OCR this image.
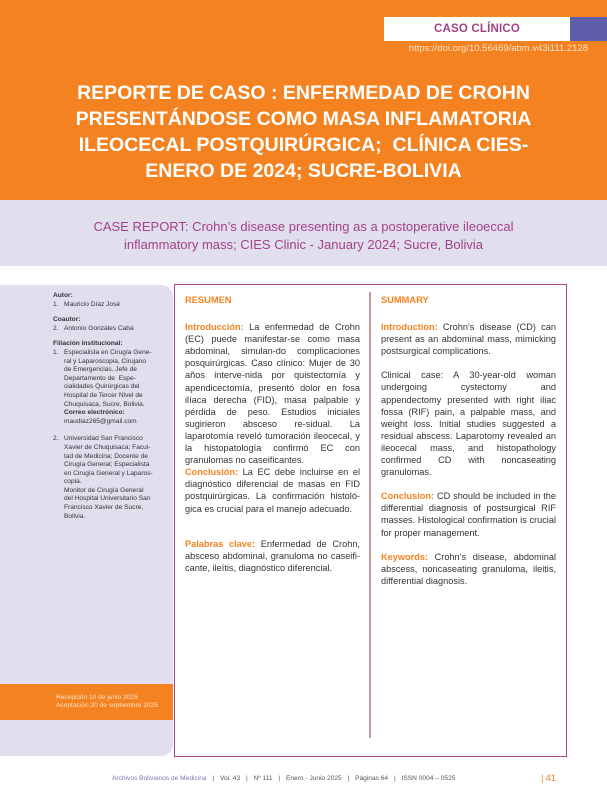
CASO CLÍNICO
https://doi.org/10.56469/abm.v43i111.2128
REPORTE DE CASO : ENFERMEDAD DE CROHN
PRESENTÁNDOSE COMO MASA INFLAMATORIA
ILEOCECAL POSTQUIRÚRGICA;  CLÍNICA CIES-
ENERO DE 2024; SUCRE-BOLIVIA
CASE REPORT: Crohn’s disease presenting as a postoperative ileoeccal
inflammatory mass; CIES Clinic - January 2024; Sucre, Bolivia
Autor:
1. Mauricio Díaz José
Coautor:
2. Antonio Gonzáles Caba
Filiación institucional:
1. Especialista en Cirugía Gene-
ral y Laparoscopia, Cirujano
de Emergencias. Jefe de
Departamento de  Espe-
cialidades Quirúrgicas del
Hospital de Tercer Nivel de
Chuquisaca, Sucre, Bolivia.
Correo electrónico:
maudiaz265@gmail.com
2. Universidad San Francisco
Xavier de Chuquisaca; Facul-
tad de Medicina; Docente de
Cirugía General; Especialista
en Cirugía General y Laparos-
copia.
Monitor de Cirugía General
del Hospital Universitario San
Francisco Xavier de Sucre,
Bolivia.
Recepción 10 de junio 2025
Aceptación 20 de septiembre 2025
RESUMEN

Introducción: La enfermedad de Crohn (EC) puede manifestar-se como masa abdominal, simulan-do complicaciones posquirúrgicas. Caso clínico: Mujer de 30 años interve-nida por quistectomía y apendicectomía, presentó dolor en fosa ilíaca derecha (FID), masa palpable y pérdida de peso. Estudios iniciales sugirieron absceso re-sidual. La laparotomía reveló tumoración ileocecal, y la histopatología confirmó EC con granulomas no caseificantes.

Conclusión: La EC debe incluirse en el diagnóstico diferencial de masas en FID postquirúrgicas. La confirmación histoló-gica es crucial para el manejo adecuado.

Palabras clave: Enfermedad de Crohn, absceso abdominal, granuloma no caseifi-cante, ileítis, diagnóstico diferencial.

SUMMARY

Introduction: Crohn’s disease (CD) can present as an abdominal mass, mimicking postsurgical complications.

Clinical case: A 30-year-old woman undergoing cystectomy and appendectomy presented with right iliac fossa (RIF) pain, a palpable mass, and weight loss. Initial studies suggested a residual abscess. Laparotomy revealed an ileocecal mass, and histopathology confirmed CD with noncaseating granulomas.

Conclusion: CD should be included in the differential diagnosis of postsurgical RIF masses. Histological confirmation is crucial for proper management.

Keywords: Crohn’s disease, abdominal abscess, noncaseating granuloma, ileitis, differential diagnosis.

Archivos Bolivianos de Medicina | Vol. 43 | Nº 111 | Enero - Junio 2025 | Páginas 64 | ISSN 0004 – 0525	| 41
